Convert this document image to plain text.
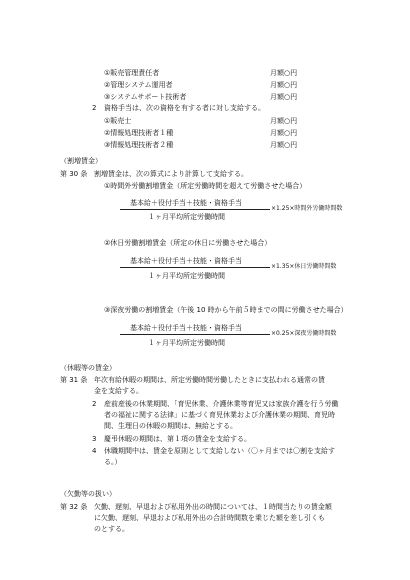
①販売管理責任者	月額○円
②管理システム運用者	月額○円
③システムサポート技術者	月額○円
2 資格手当は、次の資格を有する者に対し支給する。
①販売士	月額○円
②情報処理技術者１種	月額○円
③情報処理技術者２種	月額○円
（割増賃金）
第 30 条 割増賃金は、次の算式により計算して支給する。
①時間外労働割増賃金（所定労働時間を超えて労働させた場合）
基本給＋役付手当＋技能・資格手当
×1.25×時間外労働時間数
１ヶ月平均所定労働時間
②休日労働割増賃金（所定の休日に労働させた場合）
基本給＋役付手当＋技能・資格手当
×1.35×休日労働時間数
１ヶ月平均所定労働時間
③深夜労働の割増賃金（午後 10 時から午前５時までの間に労働させた場合）
基本給＋役付手当＋技能・資格手当
×0.25×深夜労働時間数
１ヶ月平均所定労働時間
（休暇等の賃金）
第 31 条 年次有給休暇の期間は、所定労働時間労働したときに支払われる通常の賃
金を支給する。
2 産前産後の休業期間、「育児休業、介護休業等育児又は家族介護を行う労働
者の福祉に関する法律」に基づく育児休業および介護休業の期間、育児時
間、生理日の休暇の期間は、無給とする。
3 慶弔休暇の期間は、第１項の賃金を支給する。
4 休職期間中は、賃金を原則として支給しない（〇ヶ月までは〇割を支給す
る。）
（欠勤等の扱い）
第 32 条 欠勤、遅刻、早退および私用外出の時間については、１時間当たりの賃金額
に欠勤、遅刻、早退および私用外出の合計時間数を乗じた額を差し引くも
のとする。
